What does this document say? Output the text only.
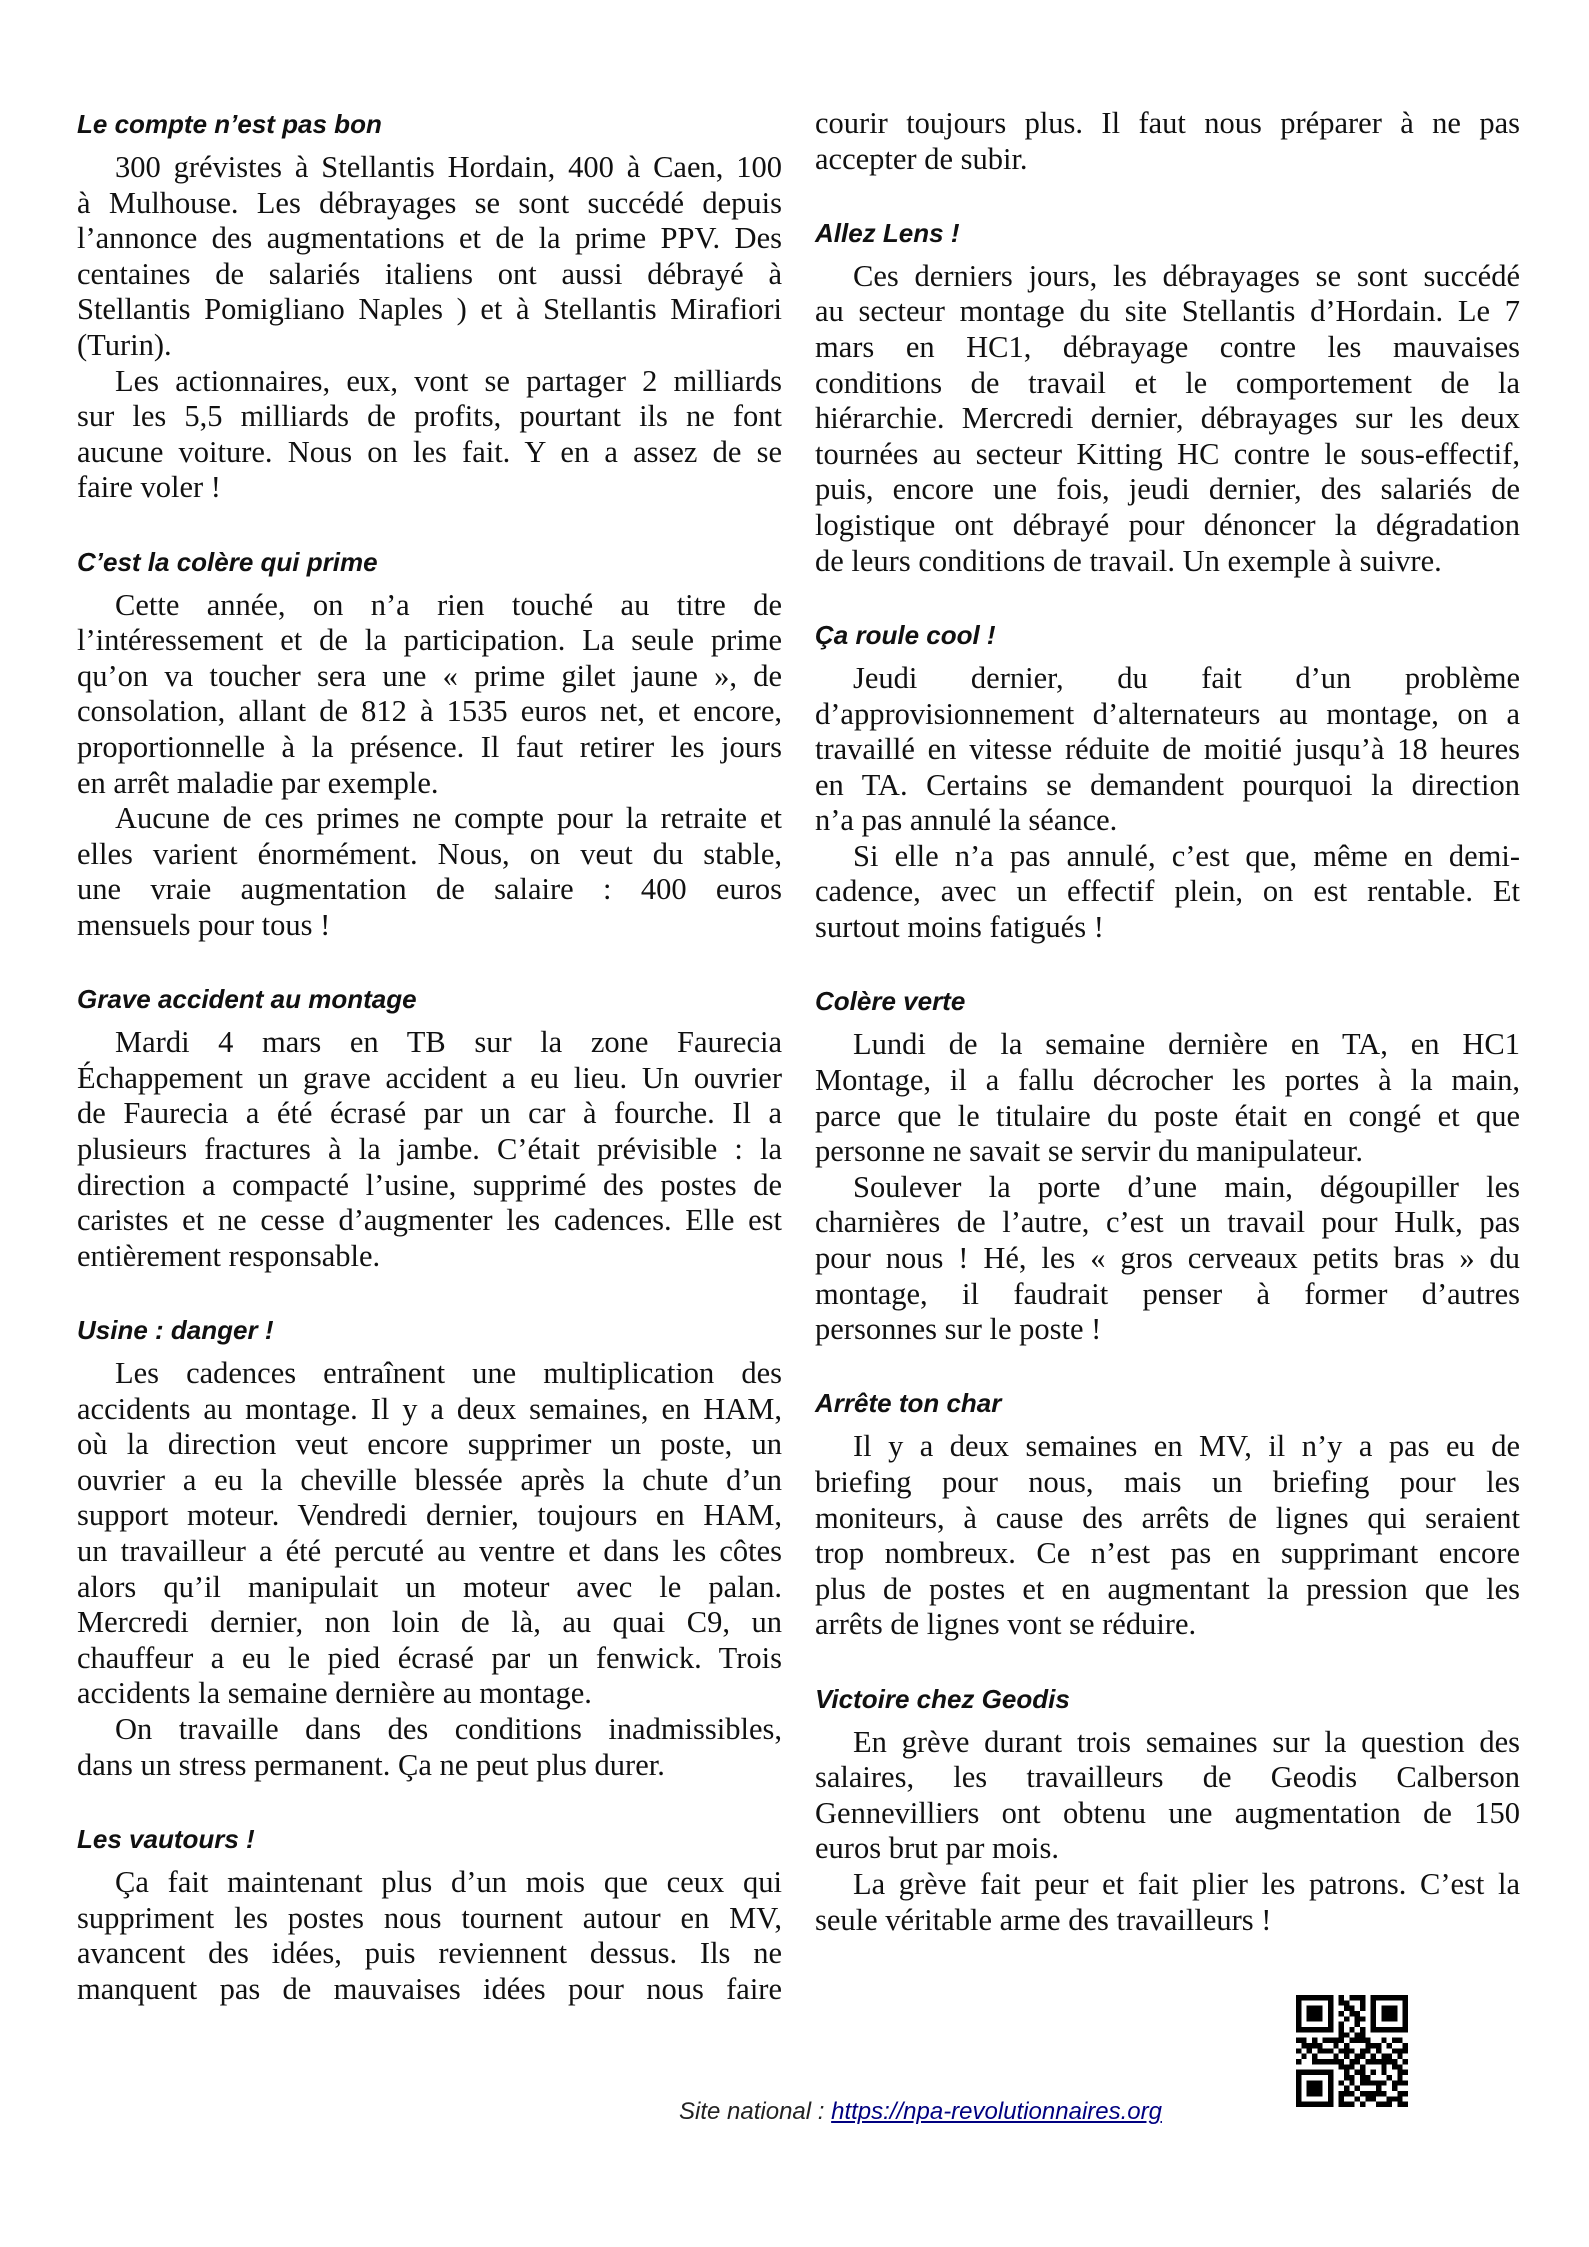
Le compte n’est pas bon
300 grévistes à Stellantis Hordain, 400 à Caen, 100
à Mulhouse. Les débrayages se sont succédé depuis
l’annonce des augmentations et de la prime PPV. Des
centaines de salariés italiens ont aussi débrayé à
Stellantis Pomigliano Naples ) et à Stellantis Mirafiori
(Turin).
Les actionnaires, eux, vont se partager 2 milliards
sur les 5,5 milliards de profits, pourtant ils ne font
aucune voiture. Nous on les fait. Y en a assez de se
faire voler !
C’est la colère qui prime
Cette année, on n’a rien touché au titre de
l’intéressement et de la participation. La seule prime
qu’on va toucher sera une « prime gilet jaune », de
consolation, allant de 812 à 1535 euros net, et encore,
proportionnelle à la présence. Il faut retirer les jours
en arrêt maladie par exemple.
Aucune de ces primes ne compte pour la retraite et
elles varient énormément. Nous, on veut du stable,
une vraie augmentation de salaire : 400 euros
mensuels pour tous !
Grave accident au montage
Mardi 4 mars en TB sur la zone Faurecia
Échappement un grave accident a eu lieu. Un ouvrier
de Faurecia a été écrasé par un car à fourche. Il a
plusieurs fractures à la jambe. C’était prévisible : la
direction a compacté l’usine, supprimé des postes de
caristes et ne cesse d’augmenter les cadences. Elle est
entièrement responsable.
Usine : danger !
Les cadences entraînent une multiplication des
accidents au montage. Il y a deux semaines, en HAM,
où la direction veut encore supprimer un poste, un
ouvrier a eu la cheville blessée après la chute d’un
support moteur. Vendredi dernier, toujours en HAM,
un travailleur a été percuté au ventre et dans les côtes
alors qu’il manipulait un moteur avec le palan.
Mercredi dernier, non loin de là, au quai C9, un
chauffeur a eu le pied écrasé par un fenwick. Trois
accidents la semaine dernière au montage.
On travaille dans des conditions inadmissibles,
dans un stress permanent. Ça ne peut plus durer.
Les vautours !
Ça fait maintenant plus d’un mois que ceux qui
suppriment les postes nous tournent autour en MV,
avancent des idées, puis reviennent dessus. Ils ne
manquent pas de mauvaises idées pour nous faire
courir toujours plus. Il faut nous préparer à ne pas
accepter de subir.
Allez Lens !
Ces derniers jours, les débrayages se sont succédé
au secteur montage du site Stellantis d’Hordain. Le 7
mars en HC1, débrayage contre les mauvaises
conditions de travail et le comportement de la
hiérarchie. Mercredi dernier, débrayages sur les deux
tournées au secteur Kitting HC contre le sous-effectif,
puis, encore une fois, jeudi dernier, des salariés de
logistique ont débrayé pour dénoncer la dégradation
de leurs conditions de travail. Un exemple à suivre.
Ça roule cool !
Jeudi dernier, du fait d’un problème
d’approvisionnement d’alternateurs au montage, on a
travaillé en vitesse réduite de moitié jusqu’à 18 heures
en TA. Certains se demandent pourquoi la direction
n’a pas annulé la séance.
Si elle n’a pas annulé, c’est que, même en demi-
cadence, avec un effectif plein, on est rentable. Et
surtout moins fatigués !
Colère verte
Lundi de la semaine dernière en TA, en HC1
Montage, il a fallu décrocher les portes à la main,
parce que le titulaire du poste était en congé et que
personne ne savait se servir du manipulateur.
Soulever la porte d’une main, dégoupiller les
charnières de l’autre, c’est un travail pour Hulk, pas
pour nous ! Hé, les « gros cerveaux petits bras » du
montage, il faudrait penser à former d’autres
personnes sur le poste !
Arrête ton char
Il y a deux semaines en MV, il n’y a pas eu de
briefing pour nous, mais un briefing pour les
moniteurs, à cause des arrêts de lignes qui seraient
trop nombreux. Ce n’est pas en supprimant encore
plus de postes et en augmentant la pression que les
arrêts de lignes vont se réduire.
Victoire chez Geodis
En grève durant trois semaines sur la question des
salaires, les travailleurs de Geodis Calberson
Gennevilliers ont obtenu une augmentation de 150
euros brut par mois.
La grève fait peur et fait plier les patrons. C’est la
seule véritable arme des travailleurs !
Site national : https://npa-revolutionnaires.org
